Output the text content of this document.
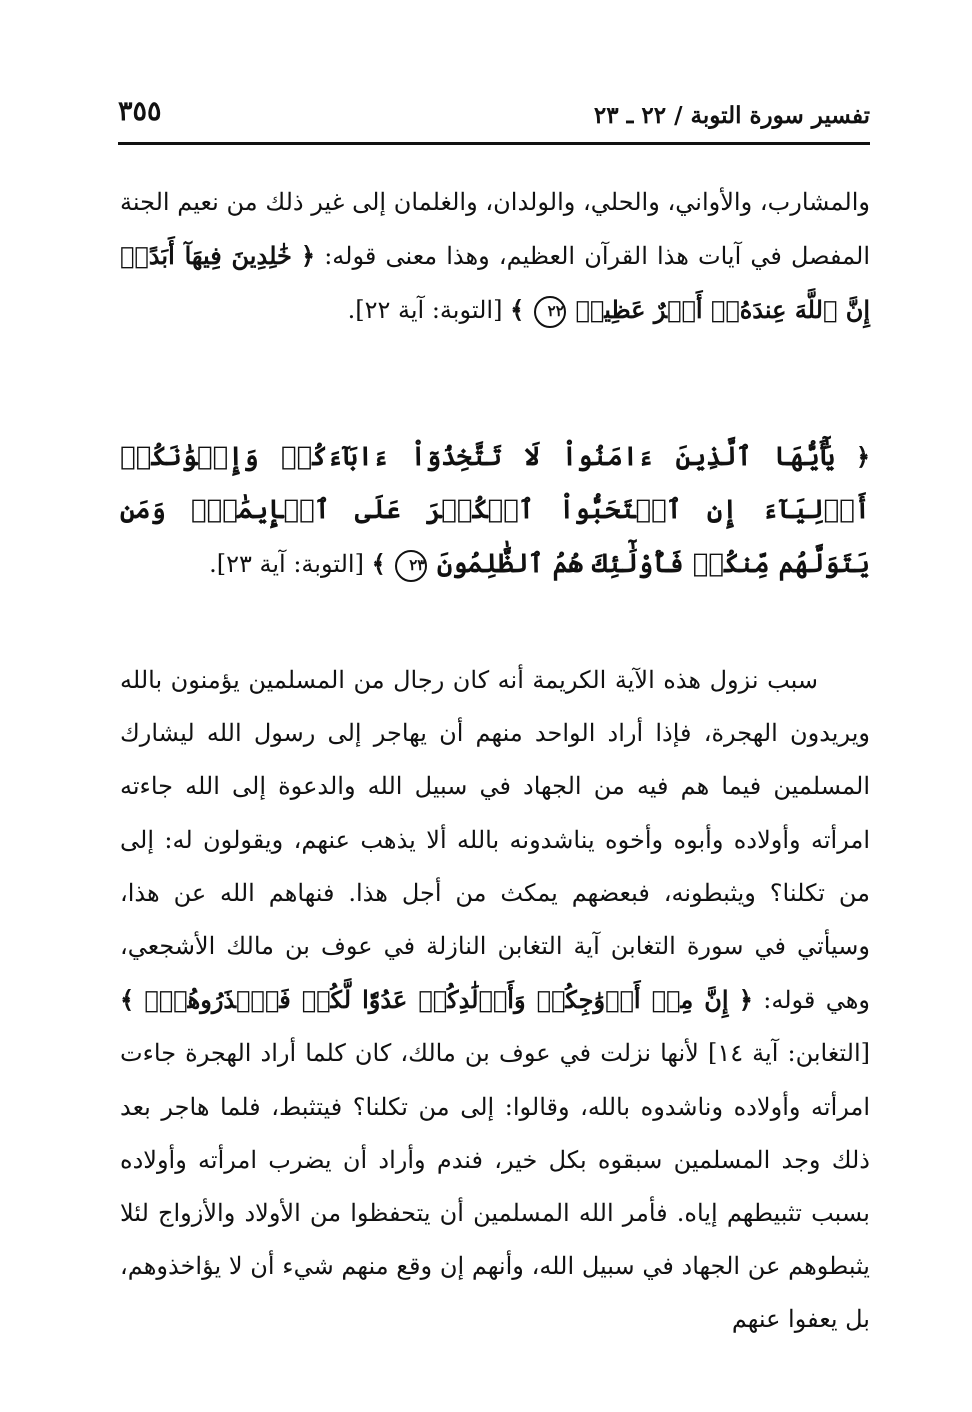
تفسير سورة التوبة / ٢٢ ـ ٢٣
٣٥٥

والمشارب، والأواني، والحلي، والولدان، والغلمان إلى غير ذلك من نعيم الجنة المفصل في آيات هذا القرآن العظيم، وهذا معنى قوله: ﴿ خَٰلِدِينَ فِيهَآ أَبَدًاۚ إِنَّ ٱللَّهَ عِندَهُۥٓ أَجۡرٌ عَظِيمٞ ٢٢ ﴾ [التوبة: آية ٢٢].

﴿ يَٰٓأَيُّهَا ٱلَّذِينَ ءَامَنُواْ لَا تَتَّخِذُوٓاْ ءَابَآءَكُمۡ وَإِخۡوَٰنَكُمۡ أَوۡلِيَآءَ إِنِ ٱسۡتَحَبُّواْ ٱلۡكُفۡرَ عَلَى ٱلۡإِيمَٰنِۚ وَمَن يَتَوَلَّهُم مِّنكُمۡ فَأُوْلَٰٓئِكَ هُمُ ٱلظَّٰلِمُونَ ٢٣ ﴾ [التوبة: آية ٢٣].

سبب نزول هذه الآية الكريمة أنه كان رجال من المسلمين يؤمنون بالله ويريدون الهجرة، فإذا أراد الواحد منهم أن يهاجر إلى رسول الله ليشارك المسلمين فيما هم فيه من الجهاد في سبيل الله والدعوة إلى الله جاءته امرأته وأولاده وأبوه وأخوه يناشدونه بالله ألا يذهب عنهم، ويقولون له: إلى من تكلنا؟ ويثبطونه، فبعضهم يمكث من أجل هذا. فنهاهم الله عن هذا، وسيأتي في سورة التغابن آية التغابن النازلة في عوف بن مالك الأشجعي، وهي قوله: ﴿ إِنَّ مِنۡ أَزۡوَٰجِكُمۡ وَأَوۡلَٰدِكُمۡ عَدُوّٗا لَّكُمۡ فَٱحۡذَرُوهُمۡۚ ﴾ [التغابن: آية ١٤] لأنها نزلت في عوف بن مالك، كان كلما أراد الهجرة جاءت امرأته وأولاده وناشدوه بالله، وقالوا: إلى من تكلنا؟ فيتثبط، فلما هاجر بعد ذلك وجد المسلمين سبقوه بكل خير، فندم وأراد أن يضرب امرأته وأولاده بسبب تثبيطهم إياه. فأمر الله المسلمين أن يتحفظوا من الأولاد والأزواج لئلا يثبطوهم عن الجهاد في سبيل الله، وأنهم إن وقع منهم شيء أن لا يؤاخذوهم، بل يعفوا عنهم
